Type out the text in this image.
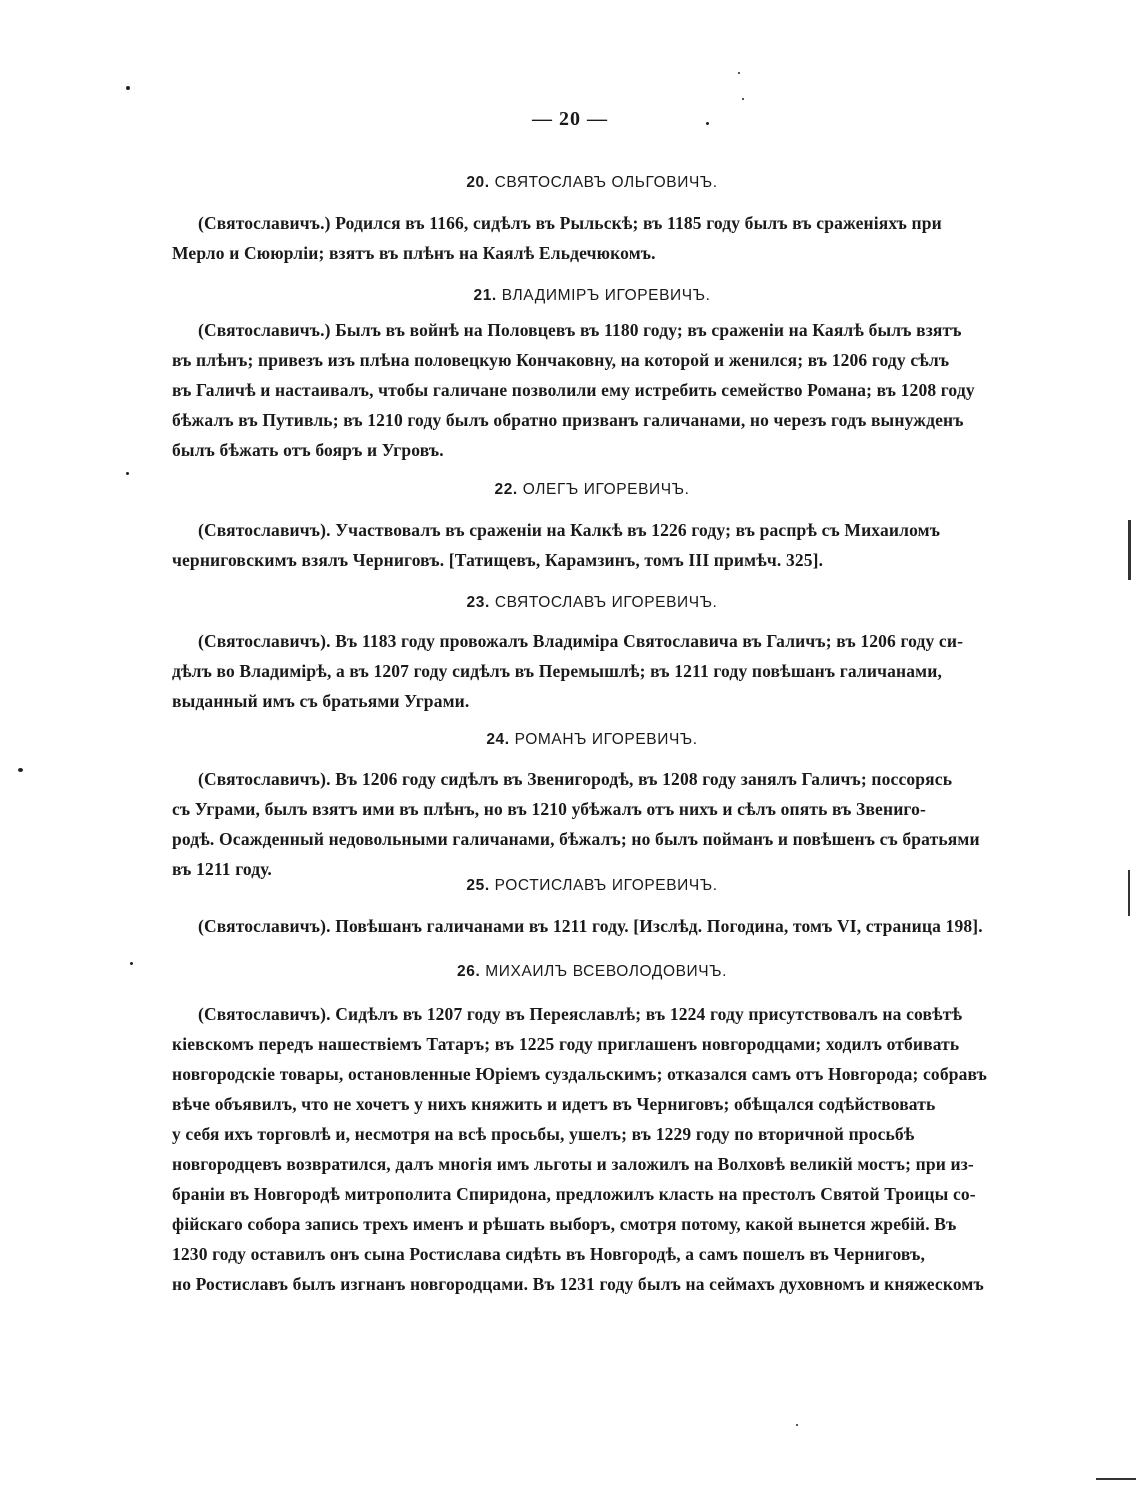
— 20 —
20. СВЯТОСЛАВЪ ОЛЬГОВИЧЪ.
(Святославичъ.) Родился въ 1166, сидѣлъ въ Рыльскѣ; въ 1185 году былъ въ сраженіяхъ при
Мерло и Сююрліи; взятъ въ плѣнъ на Каялѣ Ельдечюкомъ.
21. ВЛАДИМІРЪ ИГОРЕВИЧЪ.
(Святославичъ.) Былъ въ войнѣ на Половцевъ въ 1180 году; въ сраженіи на Каялѣ былъ взятъ
въ плѣнъ; привезъ изъ плѣна половецкую Кончаковну, на которой и женился; въ 1206 году сѣлъ
въ Галичѣ и настаивалъ, чтобы галичане позволили ему истребить семейство Романа; въ 1208 году
бѣжалъ въ Путивль; въ 1210 году былъ обратно призванъ галичанами, но черезъ годъ вынужденъ
былъ бѣжать отъ бояръ и Угровъ.
22. ОЛЕГЪ ИГОРЕВИЧЪ.
(Святославичъ). Участвовалъ въ сраженіи на Калкѣ въ 1226 году; въ распрѣ съ Михаиломъ
черниговскимъ взялъ Черниговъ. [Татищевъ, Карамзинъ, томъ III примѣч. 325].
23. СВЯТОСЛАВЪ ИГОРЕВИЧЪ.
(Святославичъ). Въ 1183 году провожалъ Владиміра Святославича въ Галичъ; въ 1206 году си-
дѣлъ во Владимірѣ, а въ 1207 году сидѣлъ въ Перемышлѣ; въ 1211 году повѣшанъ галичанами,
выданный имъ съ братьями Уграми.
24. РОМАНЪ ИГОРЕВИЧЪ.
(Святославичъ). Въ 1206 году сидѣлъ въ Звенигородѣ, въ 1208 году занялъ Галичъ; поссорясь
съ Уграми, былъ взятъ ими въ плѣнъ, но въ 1210 убѣжалъ отъ нихъ и сѣлъ опять въ Звениго-
родѣ. Осажденный недовольными галичанами, бѣжалъ; но былъ пойманъ и повѣшенъ съ братьями
въ 1211 году.
25. РОСТИСЛАВЪ ИГОРЕВИЧЪ.
(Святославичъ). Повѣшанъ галичанами въ 1211 году. [Изслѣд. Погодина, томъ VI, страница 198].
26. МИХАИЛЪ ВСЕВОЛОДОВИЧЪ.
(Святославичъ). Сидѣлъ въ 1207 году въ Переяславлѣ; въ 1224 году присутствовалъ на совѣтѣ
кіевскомъ передъ нашествіемъ Татаръ; въ 1225 году приглашенъ новгородцами; ходилъ отбивать
новгородскіе товары, остановленные Юріемъ суздальскимъ; отказался самъ отъ Новгорода; собравъ
вѣче объявилъ, что не хочетъ у нихъ княжить и идетъ въ Черниговъ; обѣщался содѣйствовать
у себя ихъ торговлѣ и, несмотря на всѣ просьбы, ушелъ; въ 1229 году по вторичной просьбѣ
новгородцевъ возвратился, далъ многія имъ льготы и заложилъ на Волховѣ великій мостъ; при из-
браніи въ Новгородѣ митрополита Спиридона, предложилъ класть на престолъ Святой Троицы со-
фійскаго собора запись трехъ именъ и рѣшать выборъ, смотря потому, какой вынется жребій. Въ
1230 году оставилъ онъ сына Ростислава сидѣть въ Новгородѣ, а самъ пошелъ въ Черниговъ,
но Ростиславъ былъ изгнанъ новгородцами. Въ 1231 году былъ на сеймахъ духовномъ и княжескомъ
